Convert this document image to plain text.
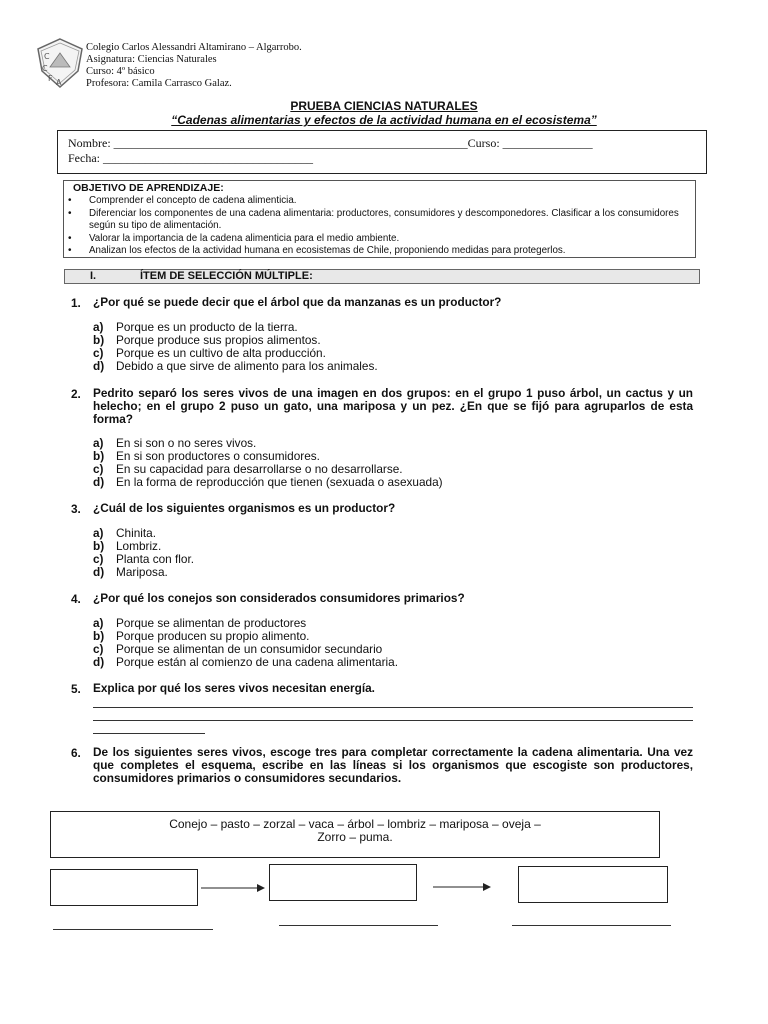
C
C
F A
Colegio Carlos Alessandri Altamirano – Algarrobo.
Asignatura: Ciencias Naturales
Curso: 4º básico
Profesora: Camila Carrasco Galaz.
PRUEBA CIENCIAS NATURALES
“Cadenas alimentarias y efectos de la actividad humana en el ecosistema”
Nombre: ___________________________________________________________Curso: _______________
Fecha: ___________________________________
OBJETIVO DE APRENDIZAJE:
• Comprender el concepto de cadena alimenticia.
• Diferenciar los componentes de una cadena alimentaria: productores, consumidores y descomponedores. Clasificar a los consumidores según su tipo de alimentación.
• Valorar la importancia de la cadena alimenticia para el medio ambiente.
• Analizan los efectos de la actividad humana en ecosistemas de Chile, proponiendo medidas para protegerlos.
I.	ÍTEM DE SELECCIÓN MÚLTIPLE:
1. ¿Por qué se puede decir que el árbol que da manzanas es un productor?
a) Porque es un producto de la tierra.
b) Porque produce sus propios alimentos.
c) Porque es un cultivo de alta producción.
d) Debido a que sirve de alimento para los animales.
2. Pedrito separó los seres vivos de una imagen en dos grupos: en el grupo 1 puso árbol, un cactus y un helecho; en el grupo 2 puso un gato, una mariposa y un pez. ¿En que se fijó para agruparlos de esta forma?
a) En si son o no seres vivos.
b) En si son productores o consumidores.
c) En su capacidad para desarrollarse o no desarrollarse.
d) En la forma de reproducción que tienen (sexuada o asexuada)
3. ¿Cuál de los siguientes organismos es un productor?
a) Chinita.
b) Lombriz.
c) Planta con flor.
d) Mariposa.
4. ¿Por qué los conejos son considerados consumidores primarios?
a) Porque se alimentan de productores
b) Porque producen su propio alimento.
c) Porque se alimentan de un consumidor secundario
d) Porque están al comienzo de una cadena alimentaria.
5. Explica por qué los seres vivos necesitan energía.
6. De los siguientes seres vivos, escoge tres para completar correctamente la cadena alimentaria. Una vez que completes el esquema, escribe en las líneas si los organismos que escogiste son productores, consumidores primarios o consumidores secundarios.
Conejo – pasto – zorzal – vaca – árbol – lombriz – mariposa – oveja –
Zorro – puma.
